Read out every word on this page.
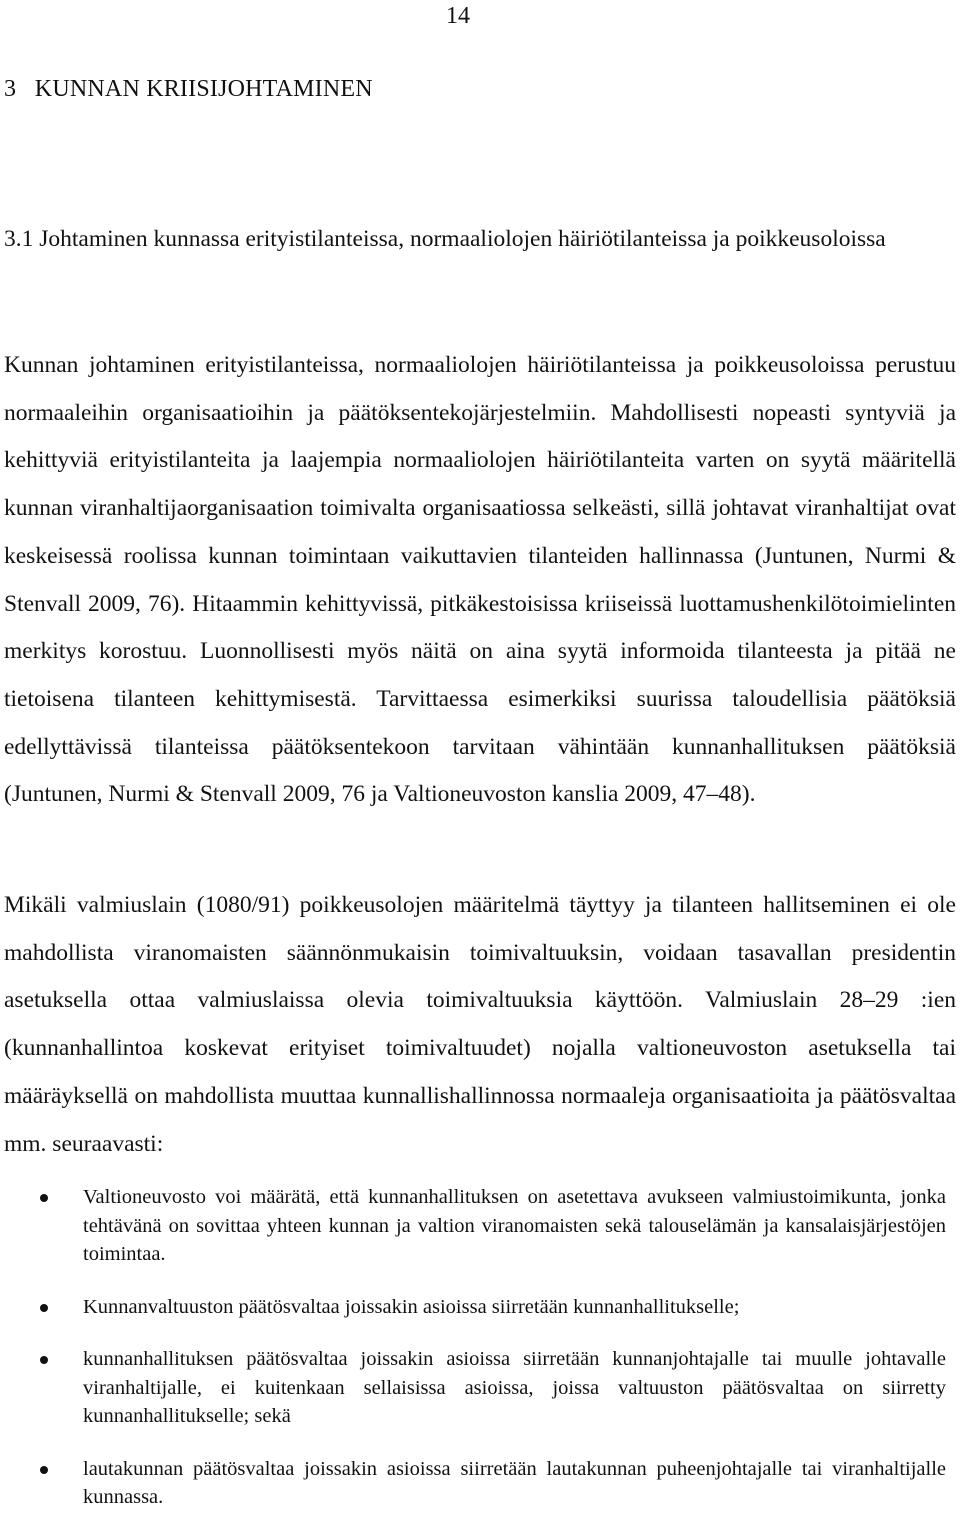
14
3   KUNNAN KRIISIJOHTAMINEN
3.1 Johtaminen kunnassa erityistilanteissa, normaaliolojen häiriötilanteissa ja poikkeusoloissa

Kunnan johtaminen erityistilanteissa, normaaliolojen häiriötilanteissa ja poikkeusoloissa perustuu normaaleihin organisaatioihin ja päätöksentekojärjestelmiin. Mahdollisesti nopeasti syntyviä ja kehittyviä erityistilanteita ja laajempia normaaliolojen häiriötilanteita varten on syytä määritellä kunnan viranhaltijaorganisaation toimivalta organisaatiossa selkeästi, sillä johtavat viranhaltijat ovat keskeisessä roolissa kunnan toimintaan vaikuttavien tilanteiden hallinnassa (Juntunen, Nurmi & Stenvall 2009, 76). Hitaammin kehittyvissä, pitkäkestoisissa kriiseissä luottamushenkilötoimielinten merkitys korostuu. Luonnollisesti myös näitä on aina syytä informoida tilanteesta ja pitää ne tietoisena tilanteen kehittymisestä. Tarvittaessa esimerkiksi suurissa taloudellisia päätöksiä edellyttävissä tilanteissa päätöksentekoon tarvitaan vähintään kunnanhallituksen päätöksiä (Juntunen, Nurmi & Stenvall 2009, 76 ja Valtioneuvoston kanslia 2009, 47–48).

Mikäli valmiuslain (1080/91) poikkeusolojen määritelmä täyttyy ja tilanteen hallitseminen ei ole mahdollista viranomaisten säännönmukaisin toimivaltuuksin, voidaan tasavallan presidentin asetuksella ottaa valmiuslaissa olevia toimivaltuuksia käyttöön. Valmiuslain 28–29 :ien (kunnanhallintoa koskevat erityiset toimivaltuudet) nojalla valtioneuvoston asetuksella tai määräyksellä on mahdollista muuttaa kunnallishallinnossa normaaleja organisaatioita ja päätösvaltaa mm. seuraavasti:

Valtioneuvosto voi määrätä, että kunnanhallituksen on asetettava avukseen valmiustoimikunta, jonka tehtävänä on sovittaa yhteen kunnan ja valtion viranomaisten sekä talouselämän ja kansalaisjärjestöjen toimintaa.
Kunnanvaltuuston päätösvaltaa joissakin asioissa siirretään kunnanhallitukselle;
kunnanhallituksen päätösvaltaa joissakin asioissa siirretään kunnanjohtajalle tai muulle johtavalle viranhaltijalle, ei kuitenkaan sellaisissa asioissa, joissa valtuuston päätösvaltaa on siirretty kunnanhallitukselle; sekä
lautakunnan päätösvaltaa joissakin asioissa siirretään lautakunnan puheenjohtajalle tai viranhaltijalle kunnassa.
